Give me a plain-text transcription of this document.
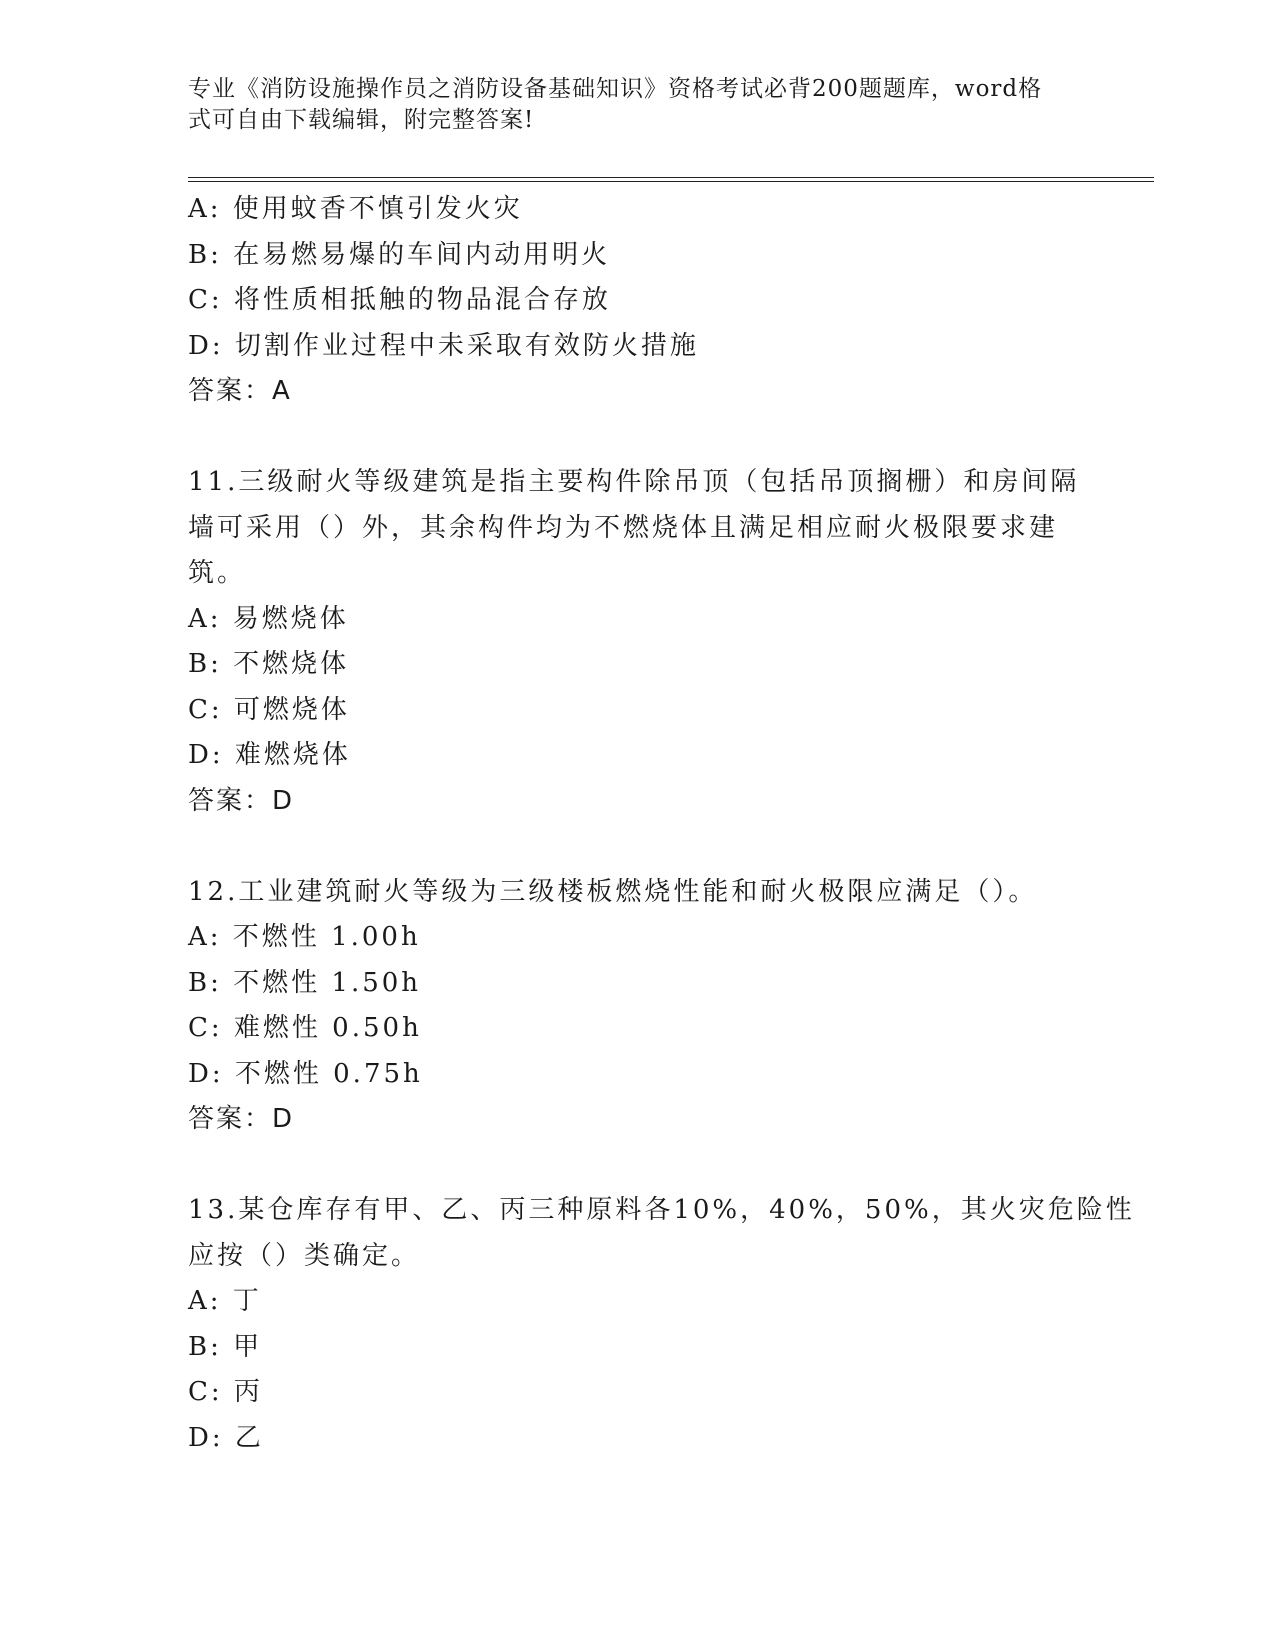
专业《消防设施操作员之消防设备基础知识》资格考试必背200题题库，word格
式可自由下载编辑，附完整答案!
A: 使用蚊香不慎引发火灾
B: 在易燃易爆的车间内动用明火
C: 将性质相抵触的物品混合存放
D: 切割作业过程中未采取有效防火措施
答案：A
11.三级耐火等级建筑是指主要构件除吊顶（包括吊顶搁栅）和房间隔
墙可采用（）外，其余构件均为不燃烧体且满足相应耐火极限要求建
筑。
A: 易燃烧体
B: 不燃烧体
C: 可燃烧体
D: 难燃烧体
答案：D
12.工业建筑耐火等级为三级楼板燃烧性能和耐火极限应满足（）。
A: 不燃性 1.00h
B: 不燃性 1.50h
C: 难燃性 0.50h
D: 不燃性 0.75h
答案：D
13.某仓库存有甲、乙、丙三种原料各10%，40%，50%，其火灾危险性
应按（）类确定。
A: 丁
B: 甲
C: 丙
D: 乙
